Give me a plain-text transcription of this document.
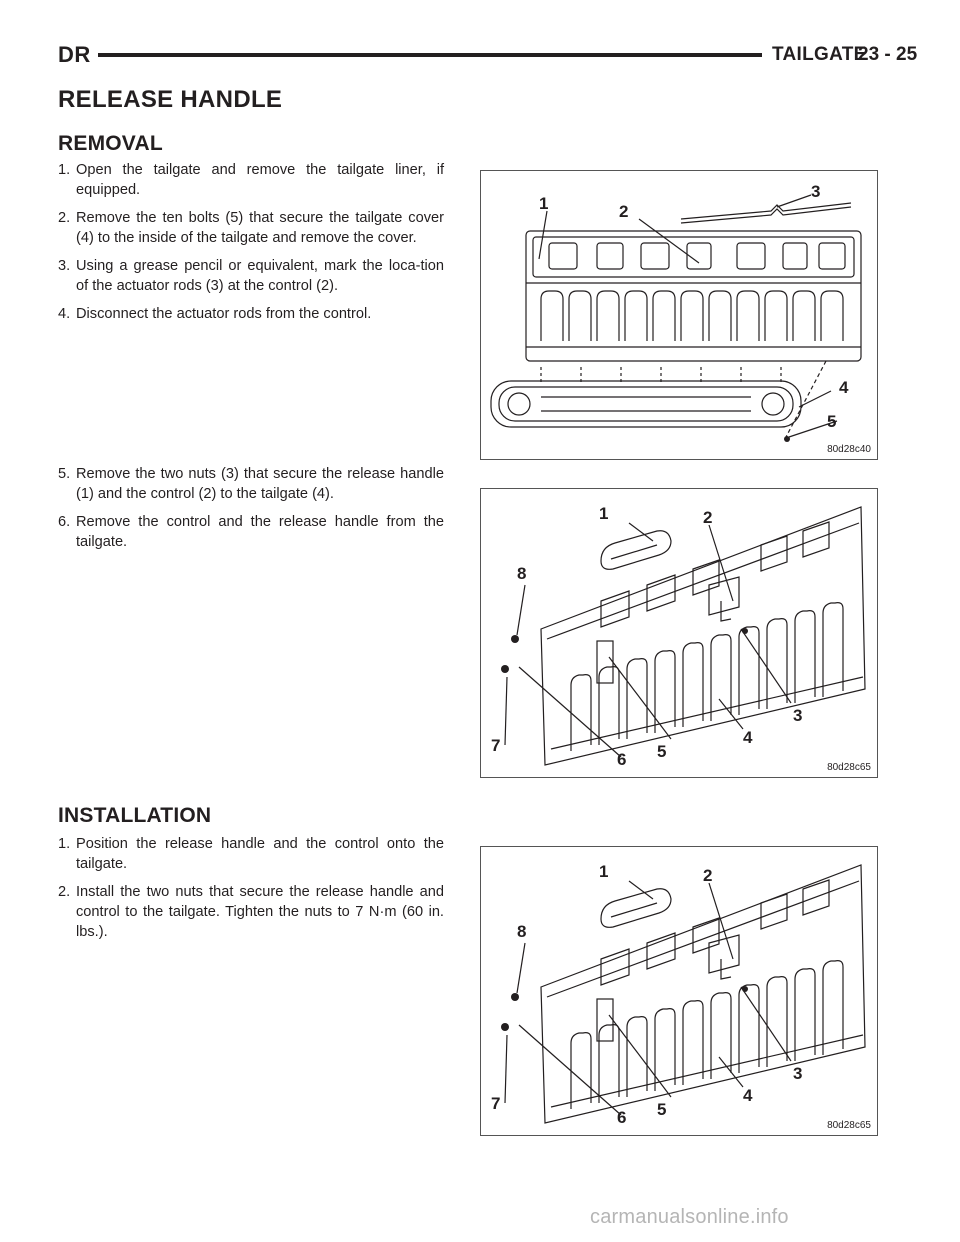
DR	TAILGATE
23 - 25
RELEASE HANDLE
REMOVAL
1. Open the tailgate and remove the tailgate liner, if equipped.
2. Remove the ten bolts (5) that secure the tailgate cover (4) to the inside of the tailgate and remove the cover.
3. Using a grease pencil or equivalent, mark the loca-tion of the actuator rods (3) at the control (2).
4. Disconnect the actuator rods from the control.
5. Remove the two nuts (3) that secure the release handle (1) and the control (2) to the tailgate (4).
6. Remove the control and the release handle from the tailgate.
INSTALLATION
1. Position the release handle and the control onto the tailgate.
2. Install the two nuts that secure the release handle and control to the tailgate. Tighten the nuts to 7 N·m (60 in. lbs.).
1	2
3
4
5
80d28c40
1	2
3
4
5
6
7
8
80d28c65
1	2
3
4
5
6
7
8
80d28c65
carmanualsonline.info
